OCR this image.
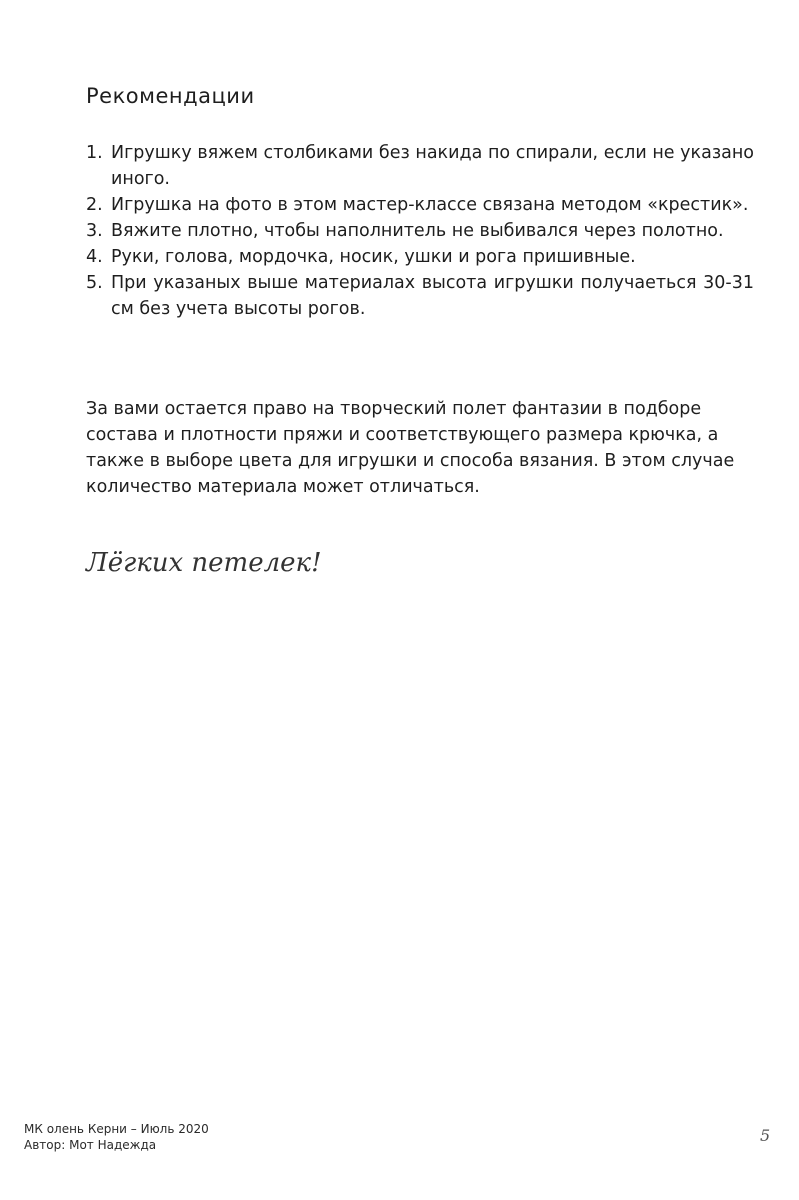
Рекомендации
1. Игрушку вяжем столбиками без накида по спирали, если не указано иного.
2. Игрушка на фото в этом мастер-классе связана методом «крестик».
3. Вяжите плотно, чтобы наполнитель не выбивался через полотно.
4. Руки, голова, мордочка, носик, ушки и рога пришивные.
5. При указаных выше материалах высота игрушки получаеться 30-31 см без учета высоты рогов.

За вами остается право на творческий полет фантазии в подборе состава и плотности пряжи и соответствующего размера крючка, а также в выборе цвета для игрушки и способа вязания. В этом случае количество материала может отличаться.

Лёгких петелек!
МК олень Керни – Июль 2020
Автор: Мот Надежда	5
